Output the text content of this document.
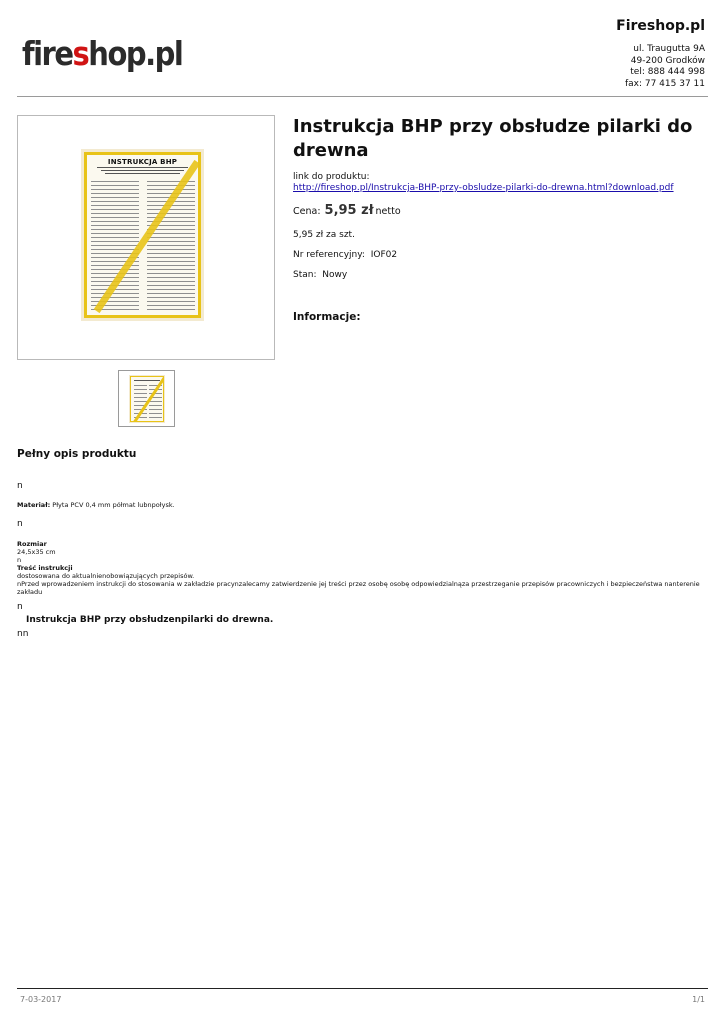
fireshop.pl
Fireshop.pl
ul. Traugutta 9A
49-200 Grodków
tel: 888 444 998
fax: 77 415 37 11
INSTRUKCJA BHP
Instrukcja BHP przy obsłudze pilarki do drewna
link do produktu:
http://fireshop.pl/Instrukcja-BHP-przy-obsludze-pilarki-do-drewna.html?download.pdf
Cena: 5,95 zł netto
5,95 zł za szt.
Nr referencyjny: IOF02
Stan: Nowy
Informacje:
Pełny opis produktu
n
Materiał: Płyta PCV 0,4 mm półmat lubnpołysk.
n
Rozmiar
24,5x35 cm
n
Treść instrukcji
dostosowana do aktualnienobowiązujących przepisów.
nPrzed wprowadzeniem instrukcji do stosowania w zakładzie pracynzalecamy zatwierdzenie jej treści przez osobę osobę odpowiedzialnąza przestrzeganie przepisów pracowniczych i bezpieczeństwa nanterenie zakładu
n
Instrukcja BHP przy obsłudzenpilarki do drewna.
nn
7-03-2017	1/1
